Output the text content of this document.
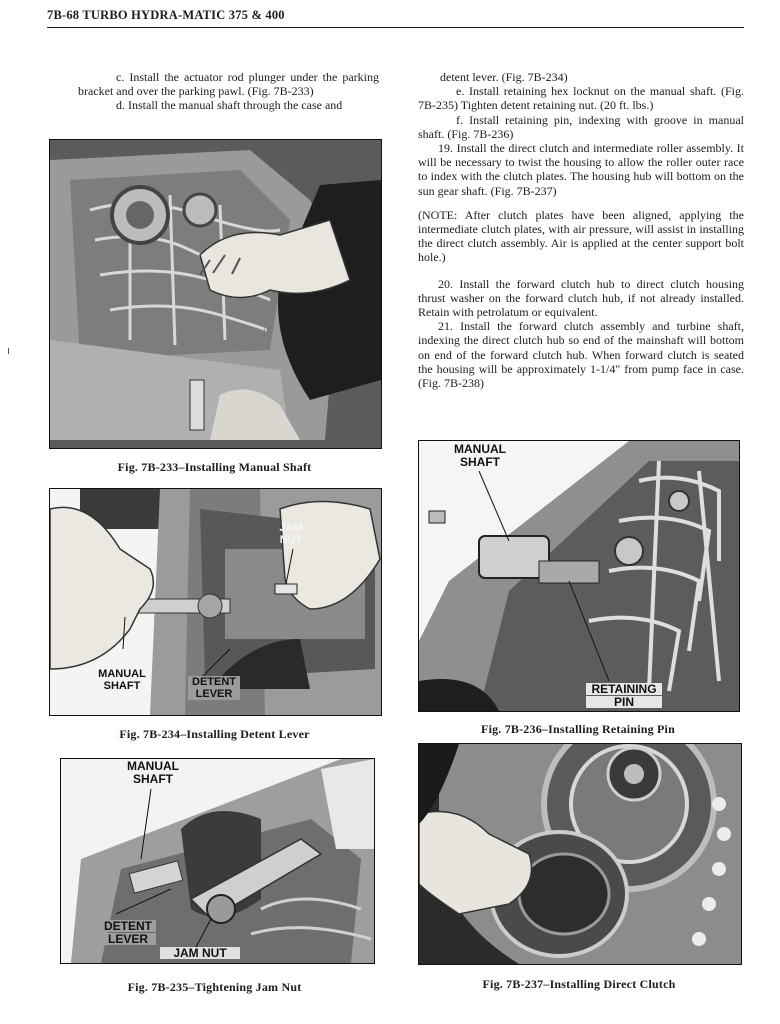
7B-68 TURBO HYDRA-MATIC 375 & 400

c. Install the actuator rod plunger under the parking bracket and over the parking pawl. (Fig. 7B-233)

d. Install the manual shaft through the case and

detent lever. (Fig. 7B-234)

e. Install retaining hex locknut on the manual shaft. (Fig. 7B-235) Tighten detent retaining nut. (20 ft. lbs.)

f. Install retaining pin, indexing with groove in manual shaft. (Fig. 7B-236)

19. Install the direct clutch and intermediate roller assembly. It will be necessary to twist the housing to allow the roller outer race to index with the clutch plates. The housing hub will bottom on the sun gear shaft. (Fig. 7B-237)

(NOTE: After clutch plates have been aligned, applying the intermediate clutch plates, with air pressure, will assist in installing the direct clutch assembly. Air is applied at the center support bolt hole.)

20. Install the forward clutch hub to direct clutch housing thrust washer on the forward clutch hub, if not already installed. Retain with petrolatum or equivalent.

21. Install the forward clutch assembly and turbine shaft, indexing the direct clutch hub so end of the mainshaft will bottom on end of the forward clutch hub. When forward clutch is seated the housing will be approximately 1-1/4" from pump face in case. (Fig. 7B-238)

Fig. 7B-233–Installing Manual Shaft
JAM
NUT
MANUAL
SHAFT	DETENT
LEVER
Fig. 7B-234–Installing Detent Lever
MANUAL
SHAFT
DETENT
LEVER
JAM NUT
Fig. 7B-235–Tightening Jam Nut
MANUAL
SHAFT
RETAINING
PIN
Fig. 7B-236–Installing Retaining Pin
Fig. 7B-237–Installing Direct Clutch
